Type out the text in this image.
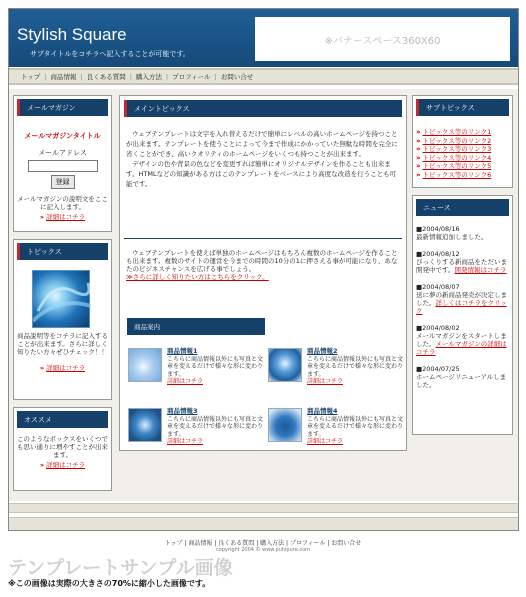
Stylish Square
サブタイトルをコチラへ記入することが可能です。
※バナースペース360X60
トップ | 商品情報 | 良くある質問 | 購入方法 | プロフィール | お問い合せ
メールマガジン
メールマガジンタイトル
メールアドレス
登録
メールマガジンの説明文をここに記入します。
» 詳細はコチラ
トピックス
商品説明等をコチラに記入することが出来ます。さらに詳しく知りたい方々ぜひチェック！！
» 詳細はコチラ
オススメ
このようなボックスをいくつでも思い通りに増やすことが出来ます。
» 詳細はコチラ
メイントピックス

ウェブテンプレートは文字を入れ替えるだけで簡単にレベルの高いホームページを持つことが出来ます。テンプレートを使うことによって今まで作成にかかっていた無駄な時間を完全に省くことができ、高いクオリティのホームページをいくつも持つことが出来ます。

デザインの色や背景の色などを変更すれば簡単にオリジナルデザインを作ることも出来ます。HTMLなどの知識がある方はこのテンプレートをベースにより高度な改造を行うことも可能です。

ウェブテンプレートを使えば単独のホームページはもちろん複数のホームページを作ることも出来ます。複数のサイトの運営を今までの時間の10分の1に押さえる事が可能になり、あなたのビジネスチャンスを広げる事でしょう。

≫さらに詳しく知りたい方はこちらをクリック。

商品案内
商品情報1
こちらに商品情報以外にも写真と文章を変えるだけで様々な形に変わります。
詳細はコチラ
商品情報2
こちらに商品情報以外にも写真と文章を変えるだけで様々な形に変わります。
詳細はコチラ
商品情報3
こちらに商品情報以外にも写真と文章を変えるだけで様々な形に変わります。
詳細はコチラ
商品情報4
こちらに商品情報以外にも写真と文章を変えるだけで様々な形に変わります。
詳細はコチラ
サブトピックス
» トピックス等のリンク1
» トピックス等のリンク2
» トピックス等のリンク3
» トピックス等のリンク4
» トピックス等のリンク5
» トピックス等のリンク6
ニュース
■2004/08/16
最新情報追加しました。
■2004/08/12
びっくりする新商品をただいま開発中です。開発情報はコチラ
■2004/08/07
送に夢の新商品発売が決定しました。詳しくはコチラをクリック
■2004/08/02
メールマガジンをスタートしました。メールマガジンの詳細はコチラ
■2004/07/25
ホームページリニューアルしました。
トップ | 商品情報 | 良くある質問 | 購入方法 | プロフィール | お問い合せ
copyright 2004 © www.puhipure.com
テンプレートサンプル画像
※この画像は実際の大きさの70%に縮小した画像です。
